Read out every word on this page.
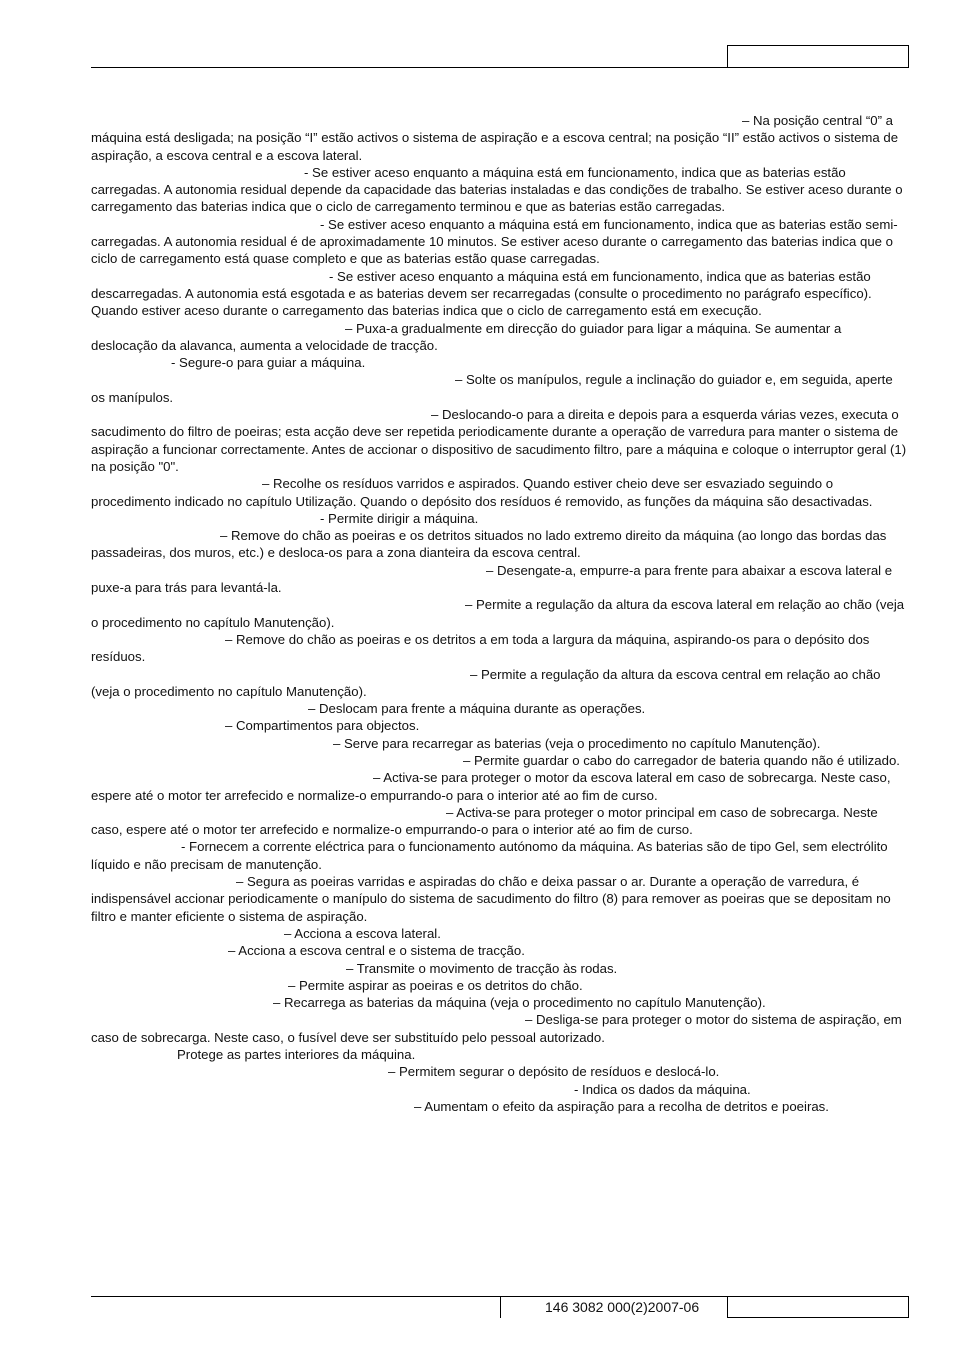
– Na posição central “0” a máquina está desligada; na posição “I” estão activos o sistema de aspiração e a escova central; na posição “II” estão activos o sistema de aspiração, a escova central e a escova lateral.

- Se estiver aceso enquanto a máquina está em funcionamento, indica que as baterias estão carregadas. A autonomia residual depende da capacidade das baterias instaladas e das condições de trabalho. Se estiver aceso durante o carregamento das baterias indica que o ciclo de carregamento terminou e que as baterias estão carregadas.

- Se estiver aceso enquanto a máquina está em funcionamento, indica que as baterias estão semi-carregadas. A autonomia residual é de aproximadamente 10 minutos. Se estiver aceso durante o carregamento das baterias indica que o ciclo de carregamento está quase completo e que as baterias estão quase carregadas.

- Se estiver aceso enquanto a máquina está em funcionamento, indica que as baterias estão descarregadas. A autonomia está esgotada e as baterias devem ser recarregadas (consulte o procedimento no parágrafo específico). Quando estiver aceso durante o carregamento das baterias indica que o ciclo de carregamento está em execução.

– Puxa-a gradualmente em direcção do guiador para ligar a máquina. Se aumentar a deslocação da alavanca, aumenta a velocidade de tracção.

- Segure-o para guiar a máquina.

– Solte os manípulos, regule a inclinação do guiador e, em seguida, aperte os manípulos.

– Deslocando-o para a direita e depois para a esquerda várias vezes, executa o sacudimento do filtro de poeiras; esta acção deve ser repetida periodicamente durante a operação de varredura para manter o sistema de aspiração a funcionar correctamente. Antes de accionar o dispositivo de sacudimento filtro, pare a máquina e coloque o interruptor geral (1) na posição "0".

– Recolhe os resíduos varridos e aspirados. Quando estiver cheio deve ser esvaziado seguindo o procedimento indicado no capítulo Utilização. Quando o depósito dos resíduos é removido, as funções da máquina são desactivadas.

- Permite dirigir a máquina.

– Remove do chão as poeiras e os detritos situados no lado extremo direito da máquina (ao longo das bordas das passadeiras, dos muros, etc.) e desloca-os para a zona dianteira da escova central.

– Desengate-a, empurre-a para frente para abaixar a escova lateral e puxe-a para trás para levantá-la.

– Permite a regulação da altura da escova lateral em relação ao chão (veja o procedimento no capítulo Manutenção).

– Remove do chão as poeiras e os detritos a em toda a largura da máquina, aspirando-os para o depósito dos resíduos.

– Permite a regulação da altura da escova central em relação ao chão (veja o procedimento no capítulo Manutenção).

– Deslocam para frente a máquina durante as operações.

– Compartimentos para objectos.

– Serve para recarregar as baterias (veja o procedimento no capítulo Manutenção).

– Permite guardar o cabo do carregador de bateria quando não é utilizado.

– Activa-se para proteger o motor da escova lateral em caso de sobrecarga. Neste caso, espere até o motor ter arrefecido e normalize-o empurrando-o para o interior até ao fim de curso.

– Activa-se para proteger o motor principal em caso de sobrecarga. Neste caso, espere até o motor ter arrefecido e normalize-o empurrando-o para o interior até ao fim de curso.

- Fornecem a corrente eléctrica para o funcionamento autónomo da máquina. As baterias são de tipo Gel, sem electrólito líquido e não precisam de manutenção.

– Segura as poeiras varridas e aspiradas do chão e deixa passar o ar. Durante a operação de varredura, é indispensável accionar periodicamente o manípulo do sistema de sacudimento do filtro (8) para remover as poeiras que se depositam no filtro e manter eficiente o sistema de aspiração.

– Acciona a escova lateral.

– Acciona a escova central e o sistema de tracção.

– Transmite o movimento de tracção às rodas.

– Permite aspirar as poeiras e os detritos do chão.

– Recarrega as baterias da máquina (veja o procedimento no capítulo Manutenção).

– Desliga-se para proteger o motor do sistema de aspiração, em caso de sobrecarga. Neste caso, o fusível deve ser substituído pelo pessoal autorizado.

Protege as partes interiores da máquina.

– Permitem segurar o depósito de resíduos e deslocá-lo.

- Indica os dados da máquina.

– Aumentam o efeito da aspiração para a recolha de detritos e poeiras.

146 3082 000(2)2007-06
